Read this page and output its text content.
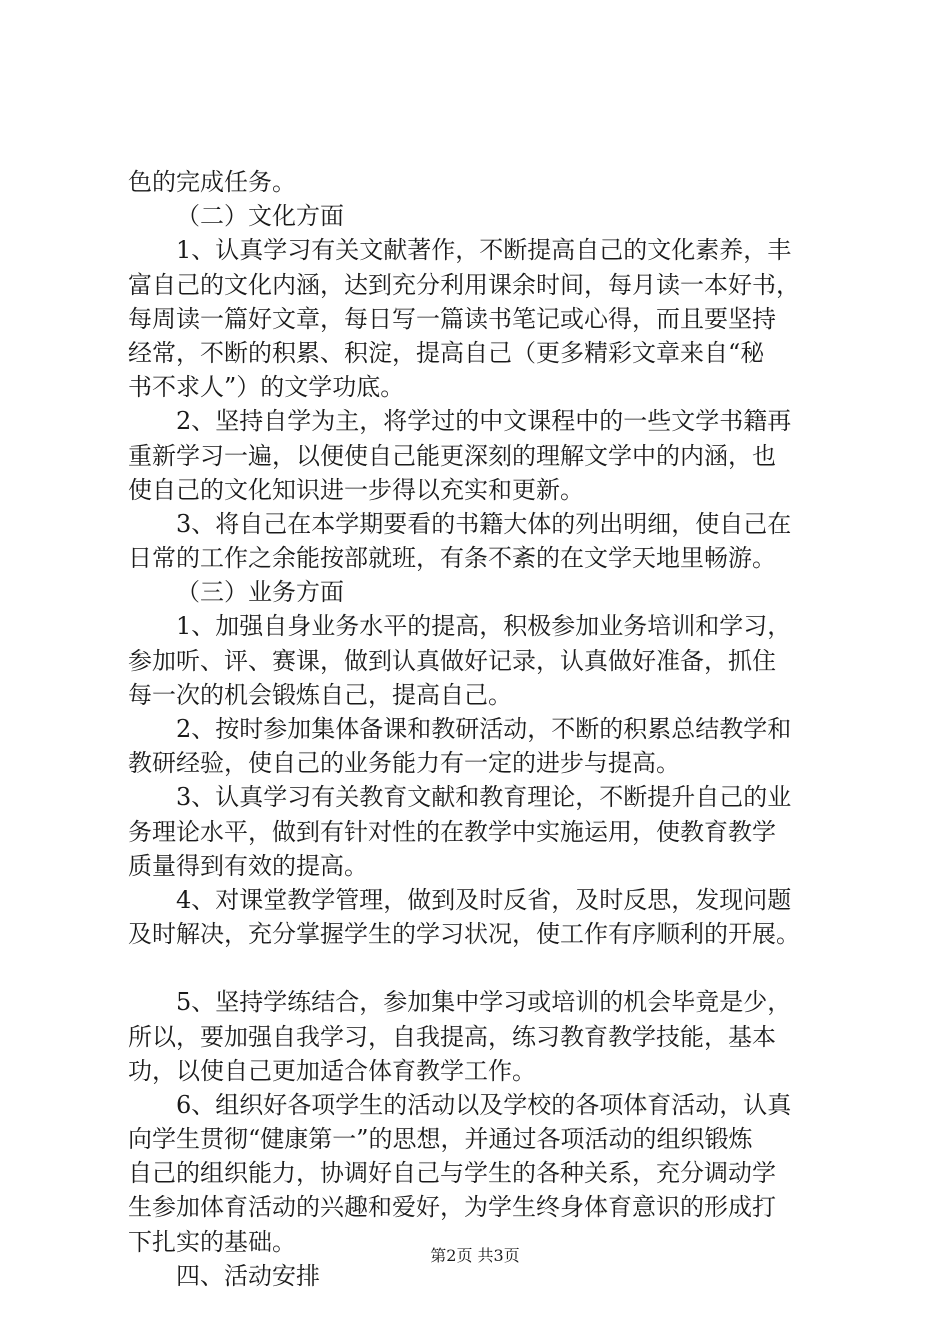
色的完成任务。
（二）文化方面
1、认真学习有关文献著作，不断提高自己的文化素养，丰
富自己的文化内涵，达到充分利用课余时间，每月读一本好书，
每周读一篇好文章，每日写一篇读书笔记或心得，而且要坚持
经常，不断的积累、积淀，提高自己（更多精彩文章来自“秘
书不求人”）的文学功底。
2、坚持自学为主，将学过的中文课程中的一些文学书籍再
重新学习一遍，以便使自己能更深刻的理解文学中的内涵，也
使自己的文化知识进一步得以充实和更新。
3、将自己在本学期要看的书籍大体的列出明细，使自己在
日常的工作之余能按部就班，有条不紊的在文学天地里畅游。
（三）业务方面
1、加强自身业务水平的提高，积极参加业务培训和学习，
参加听、评、赛课，做到认真做好记录，认真做好准备，抓住
每一次的机会锻炼自己，提高自己。
2、按时参加集体备课和教研活动，不断的积累总结教学和
教研经验，使自己的业务能力有一定的进步与提高。
3、认真学习有关教育文献和教育理论，不断提升自己的业
务理论水平，做到有针对性的在教学中实施运用，使教育教学
质量得到有效的提高。
4、对课堂教学管理，做到及时反省，及时反思，发现问题
及时解决，充分掌握学生的学习状况，使工作有序顺利的开展。
5、坚持学练结合，参加集中学习或培训的机会毕竟是少，
所以，要加强自我学习，自我提高，练习教育教学技能，基本
功，以使自己更加适合体育教学工作。
6、组织好各项学生的活动以及学校的各项体育活动，认真
向学生贯彻“健康第一”的思想，并通过各项活动的组织锻炼
自己的组织能力，协调好自己与学生的各种关系，充分调动学
生参加体育活动的兴趣和爱好，为学生终身体育意识的形成打
下扎实的基础。
四、活动安排
第2页 共3页
